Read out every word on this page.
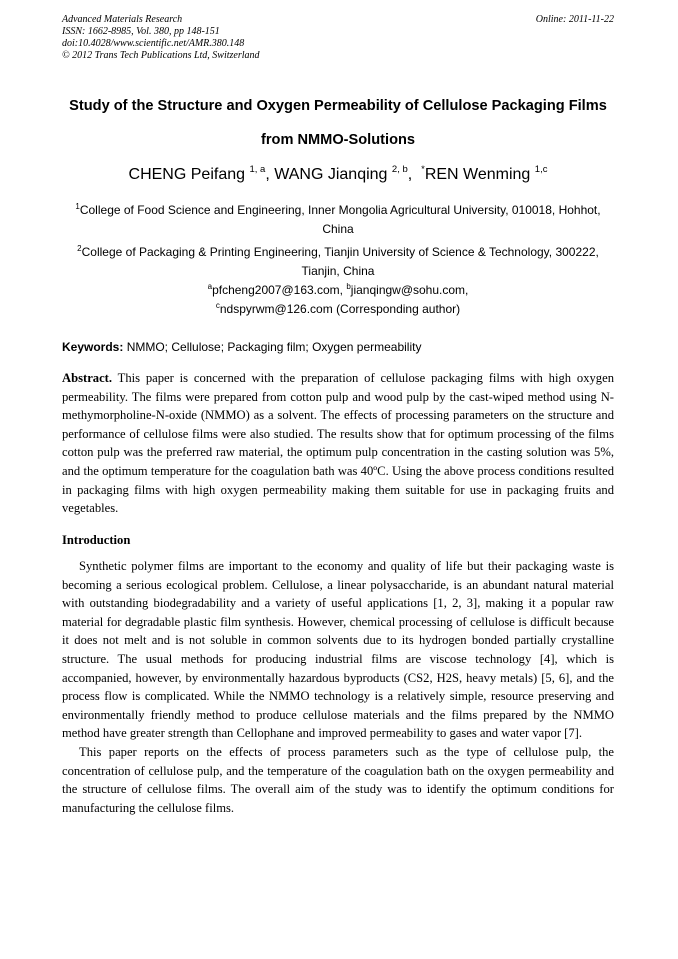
Advanced Materials Research
ISSN: 1662-8985, Vol. 380, pp 148-151
doi:10.4028/www.scientific.net/AMR.380.148
© 2012 Trans Tech Publications Ltd, Switzerland
Online: 2011-11-22
Study of the Structure and Oxygen Permeability of Cellulose Packaging Films from NMMO-Solutions
CHENG Peifang $^{1, a}$, WANG Jianqing $^{2, b}$,  *REN Wenming $^{1,c}$
$^1$College of Food Science and Engineering, Inner Mongolia Agricultural University, 010018, Hohhot, China
$^2$College of Packaging & Printing Engineering, Tianjin University of Science & Technology, 300222, Tianjin, China
$^a$pfcheng2007@163.com, $^b$jianqingw@sohu.com,
$^c$ndspyrwm@126.com (Corresponding author)
Keywords: NMMO; Cellulose; Packaging film; Oxygen permeability

Abstract. This paper is concerned with the preparation of cellulose packaging films with high oxygen permeability. The films were prepared from cotton pulp and wood pulp by the cast-wiped method using N-methymorpholine-N-oxide (NMMO) as a solvent. The effects of processing parameters on the structure and performance of cellulose films were also studied. The results show that for optimum processing of the films cotton pulp was the preferred raw material, the optimum pulp concentration in the casting solution was 5%, and the optimum temperature for the coagulation bath was 40ºC. Using the above process conditions resulted in packaging films with high oxygen permeability making them suitable for use in packaging fruits and vegetables.

Introduction

Synthetic polymer films are important to the economy and quality of life but their packaging waste is becoming a serious ecological problem. Cellulose, a linear polysaccharide, is an abundant natural material with outstanding biodegradability and a variety of useful applications [1, 2, 3], making it a popular raw material for degradable plastic film synthesis. However, chemical processing of cellulose is difficult because it does not melt and is not soluble in common solvents due to its hydrogen bonded partially crystalline structure. The usual methods for producing industrial films are viscose technology [4], which is accompanied, however, by environmentally hazardous byproducts (CS2, H2S, heavy metals) [5, 6], and the process flow is complicated. While the NMMO technology is a relatively simple, resource preserving and environmentally friendly method to produce cellulose materials and the films prepared by the NMMO method have greater strength than Cellophane and improved permeability to gases and water vapor [7].

This paper reports on the effects of process parameters such as the type of cellulose pulp, the concentration of cellulose pulp, and the temperature of the coagulation bath on the oxygen permeability and the structure of cellulose films. The overall aim of the study was to identify the optimum conditions for manufacturing the cellulose films.
